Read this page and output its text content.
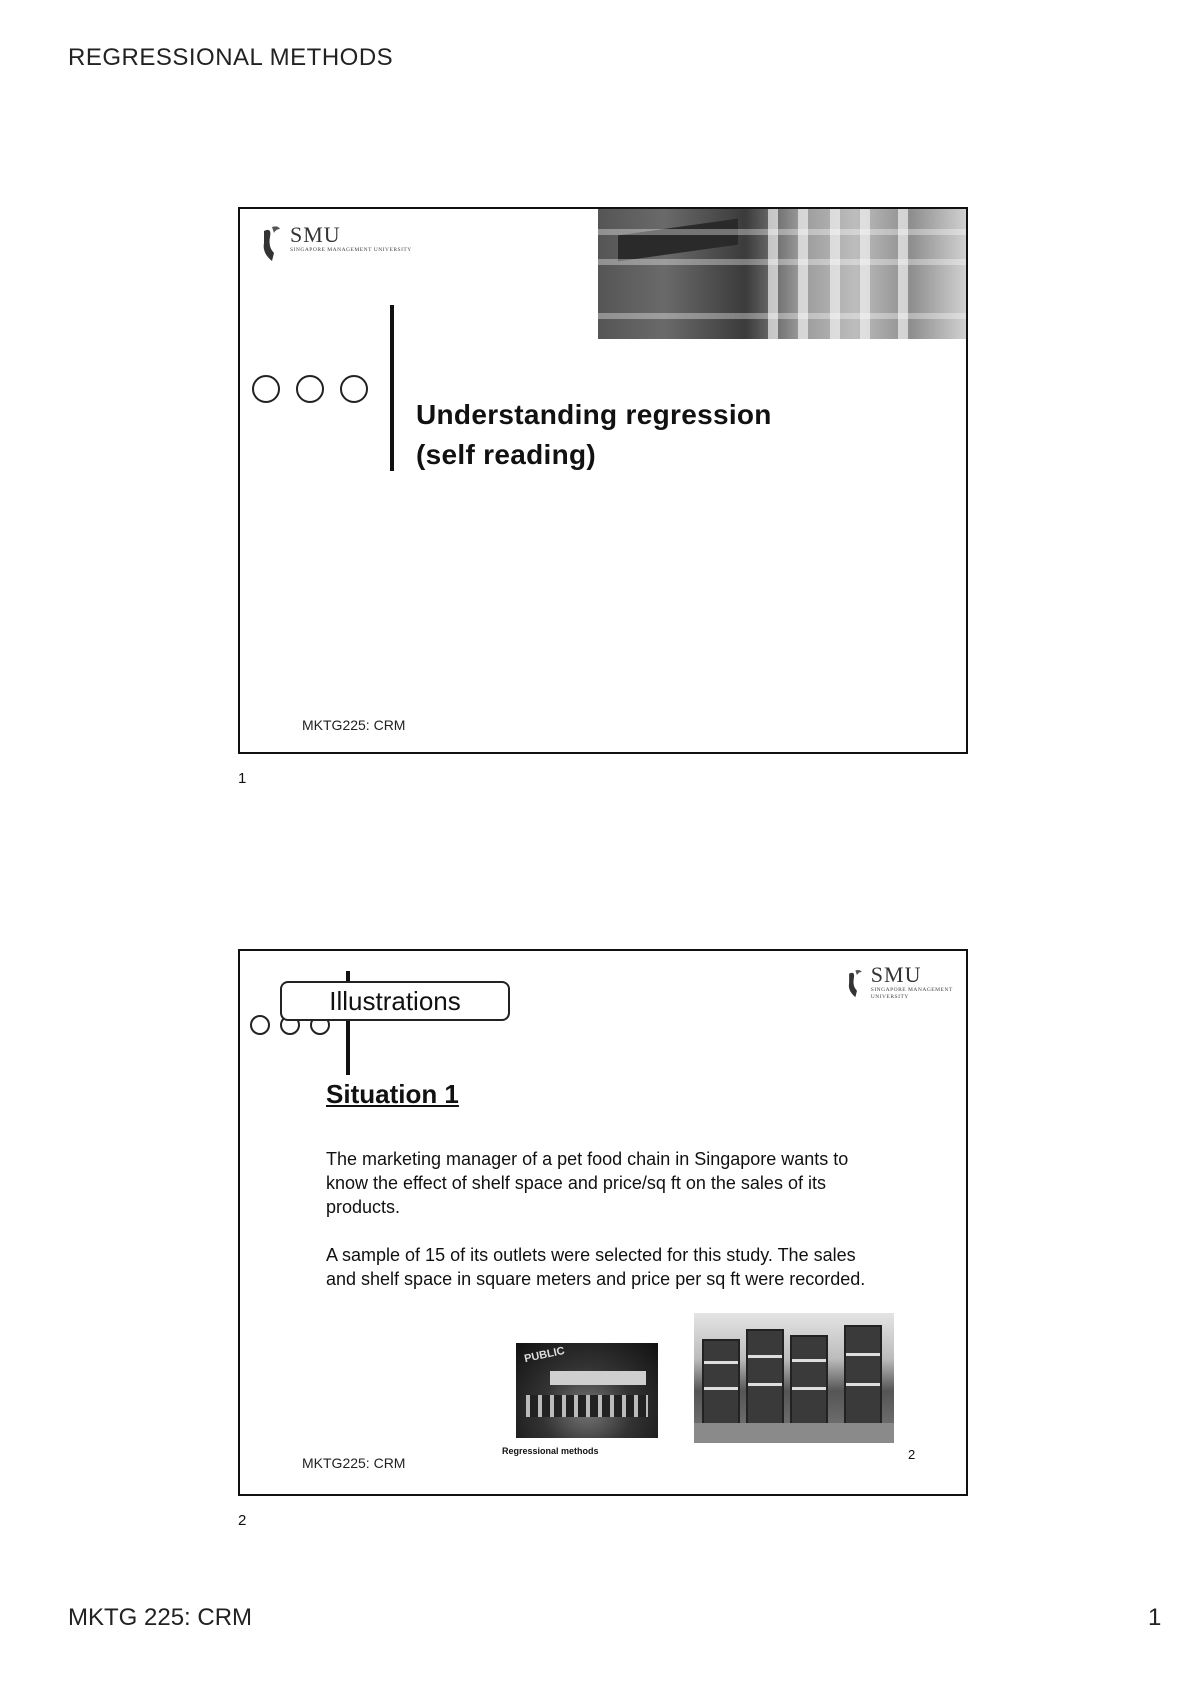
REGRESSIONAL METHODS
SMU
SINGAPORE MANAGEMENT UNIVERSITY
Understanding regression
(self reading)
MKTG225: CRM
1
SMU
SINGAPORE MANAGEMENT UNIVERSITY
Illustrations
Situation 1
The marketing manager of a pet food chain in Singapore wants to know the effect of shelf space and price/sq ft on the sales of its products.
A sample of 15 of its outlets were selected for this study. The sales and shelf space in square meters and price per sq ft were recorded.
PUBLIC
Regressional methods	2
MKTG225: CRM
2
MKTG 225: CRM	1
